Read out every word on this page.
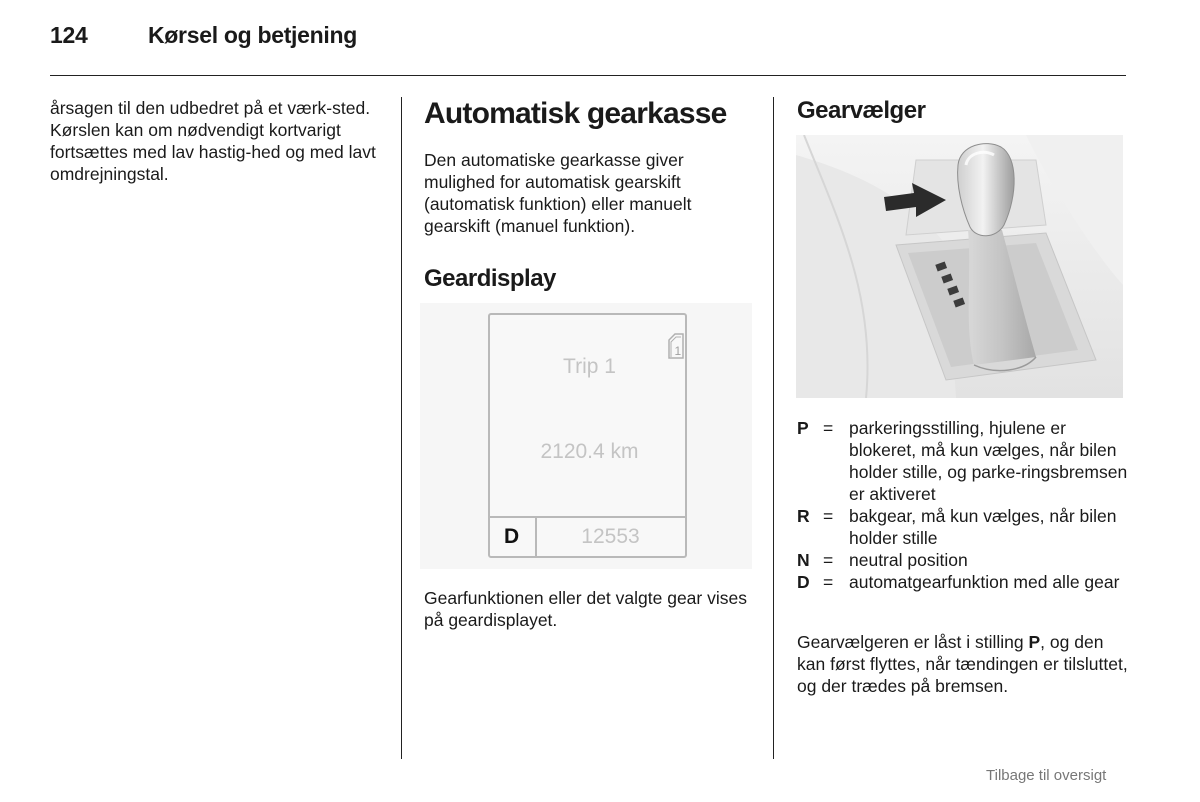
124	Kørsel og betjening

årsagen til den udbedret på et værk-sted. Kørslen kan om nødvendigt kortvarigt fortsættes med lav hastig-hed og med lavt omdrejningstal.

Automatisk gearkasse

Den automatiske gearkasse giver mulighed for automatisk gearskift (automatisk funktion) eller manuelt gearskift (manuel funktion).

Geardisplay
1
Trip 1
2120.4 km
D	12553

Gearfunktionen eller det valgte gear vises på geardisplayet.

Gearvælger
P = parkeringsstilling, hjulene er blokeret, må kun vælges, når bilen holder stille, og parke-ringsbremsen er aktiveret
R = bakgear, må kun vælges, når bilen holder stille
N = neutral position
D = automatgearfunktion med alle gear
Gearvælgeren er låst i stilling P, og den kan først flyttes, når tændingen er tilsluttet, og der trædes på bremsen.
Tilbage til oversigt
